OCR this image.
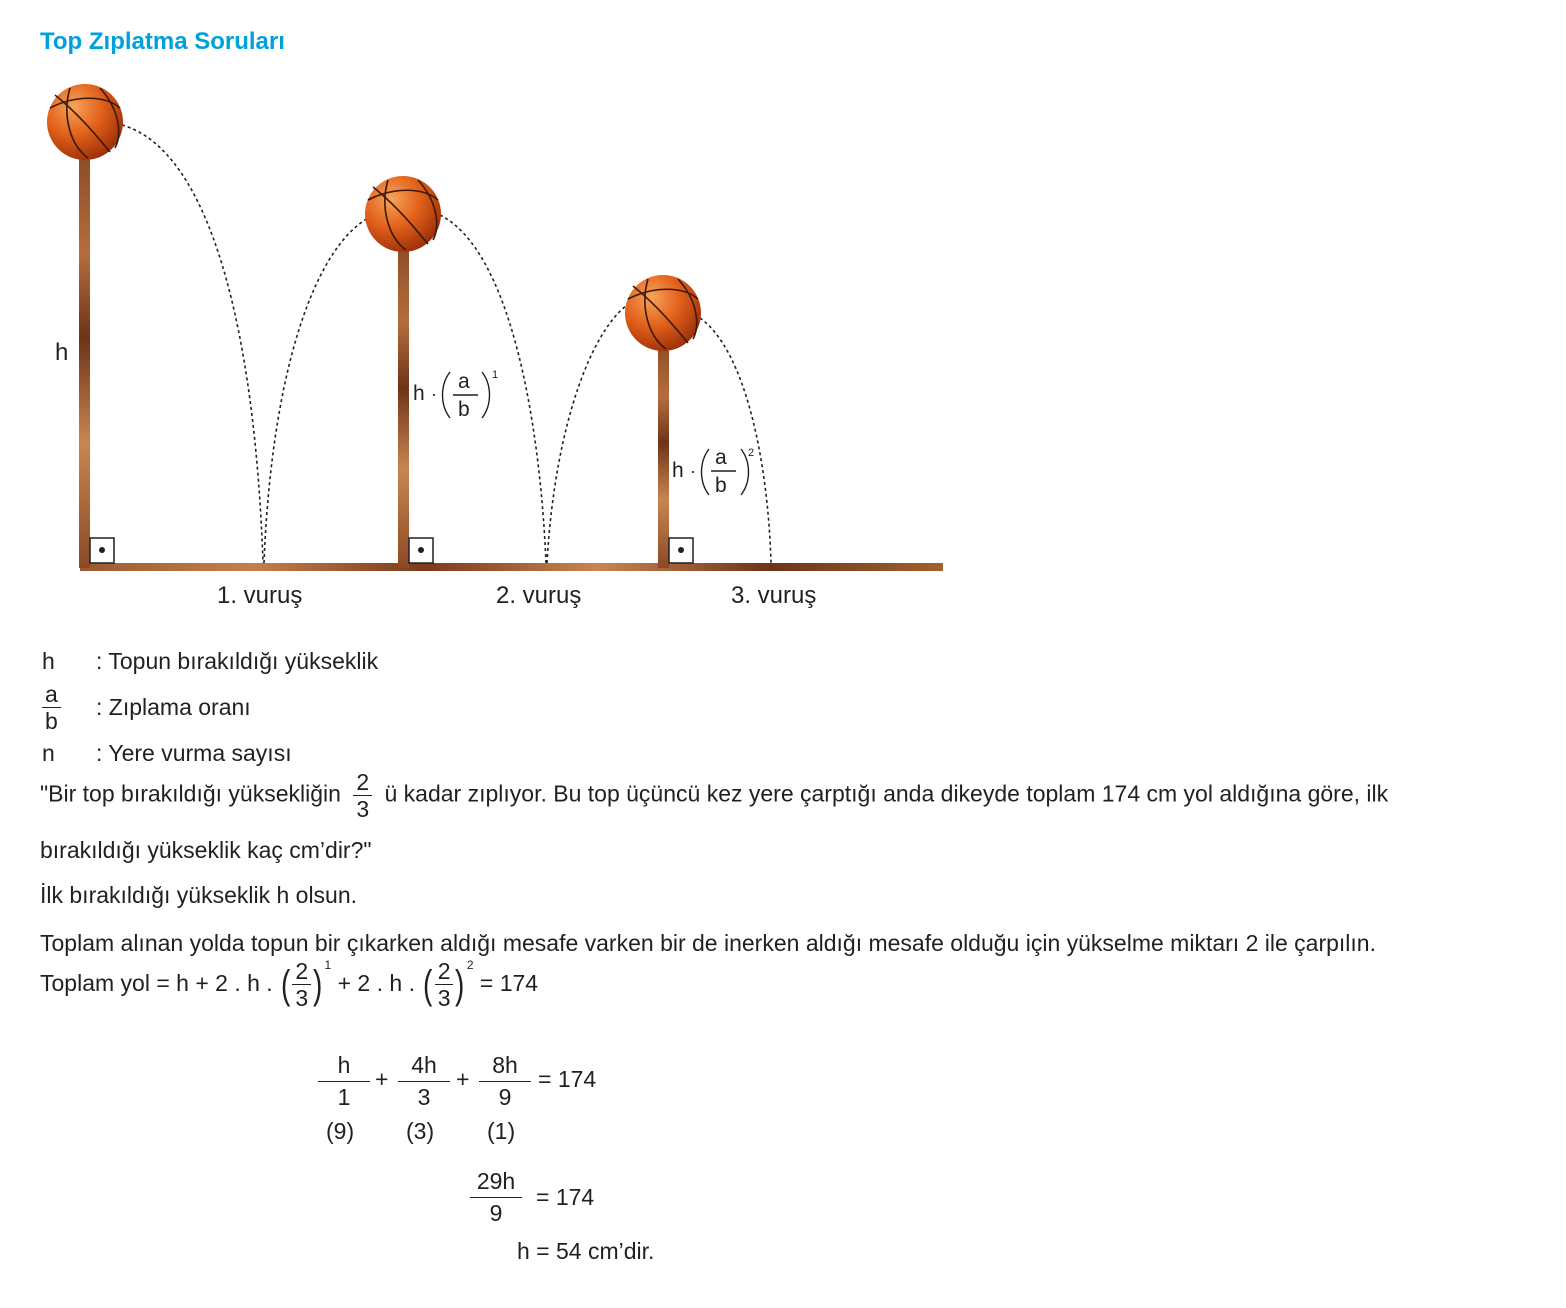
Top Zıplatma Soruları
h
h ·
a
b
1
h ·
a
b
2
1. vuruş	2. vuruş	3. vuruş
h : Topun bırakıldığı yükseklik
$\frac{a}{b}$ : Zıplama oranı
n : Yere vurma sayısı
"Bir top bırakıldığı yüksekliğin $\frac{2}{3}$ ü kadar zıplıyor. Bu top üçüncü kez yere çarptığı anda dikeyde toplam 174 cm yol aldığına göre, ilk
bırakıldığı yükseklik kaç cm’dir?"
İlk bırakıldığı yükseklik h olsun.
Toplam alınan yolda topun bir çıkarken aldığı mesafe varken bir de inerken aldığı mesafe olduğu için yükselme miktarı 2 ile çarpılın.
Toplam yol = h + 2 . h . ( $\frac{2}{3}$ ) $^1$ + 2 . h . ( $\frac{2}{3}$ ) $^2$ = 174
$\frac{h}{1} + \frac{4h}{3} + \frac{8h}{9} = 174$
(9) (3) (1)
$\frac{29h}{9} = 174$
h = 54 cm’dir.
